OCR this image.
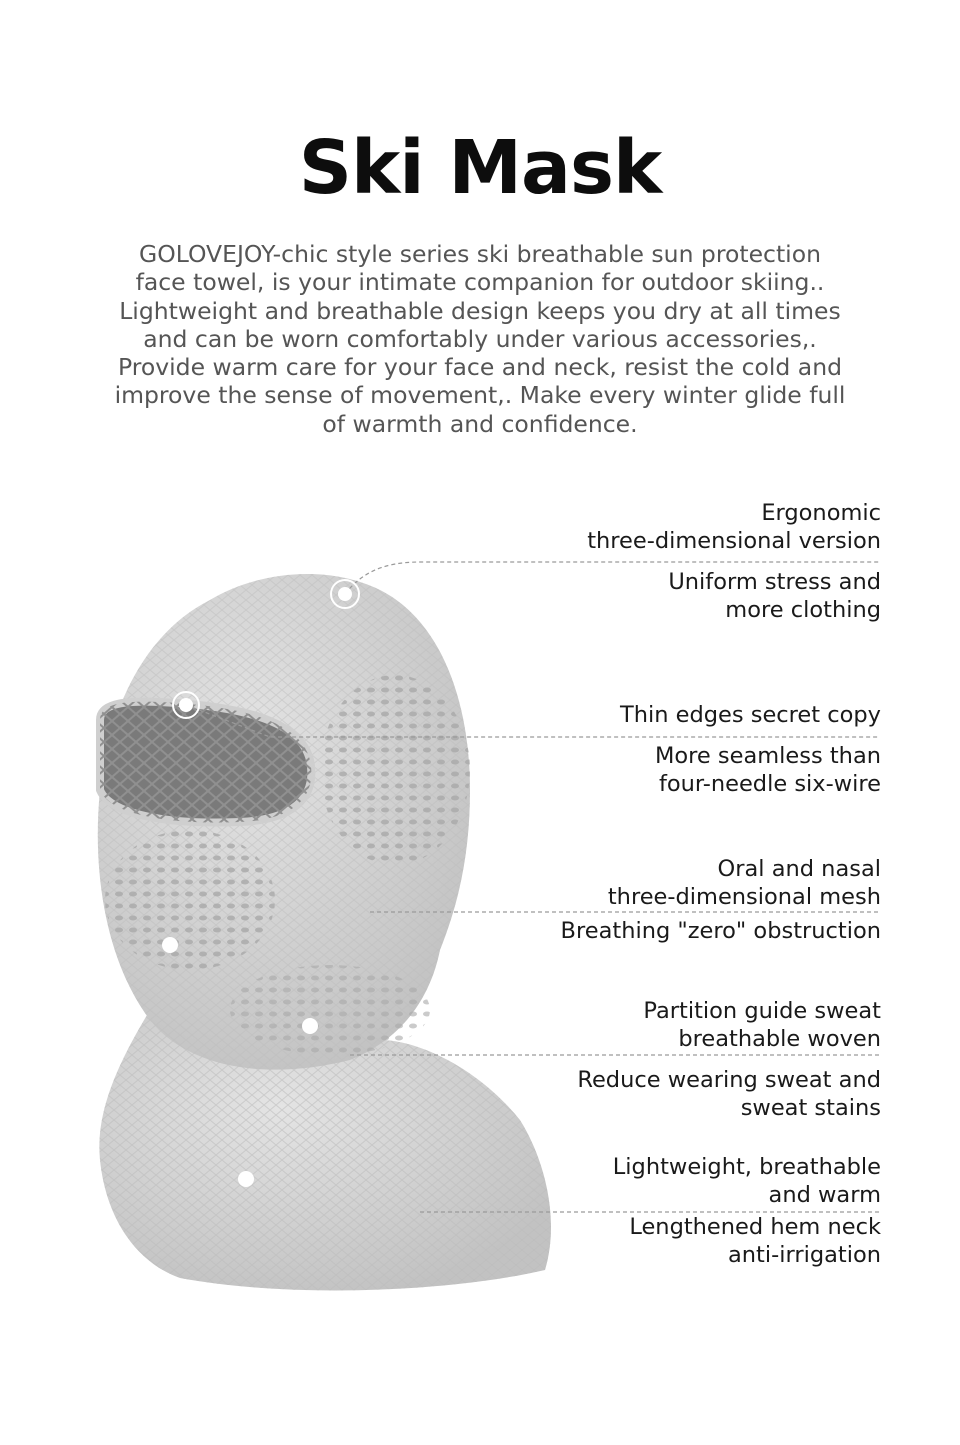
Ski Mask
GOLOVEJOY-chic style series ski breathable sun protection
face towel, is your intimate companion for outdoor skiing..
Lightweight and breathable design keeps you dry at all times
and can be worn comfortably under various accessories,.
Provide warm care for your face and neck, resist the cold and
improve the sense of movement,. Make every winter glide full
of warmth and confidence.
Ergonomic
three-dimensional version
Uniform stress and
more clothing
Thin edges secret copy
More seamless than
four-needle six-wire
Oral and nasal
three-dimensional mesh
Breathing "zero" obstruction
Partition guide sweat
breathable woven
Reduce wearing sweat and
sweat stains
Lightweight, breathable
and warm
Lengthened hem neck
anti-irrigation
